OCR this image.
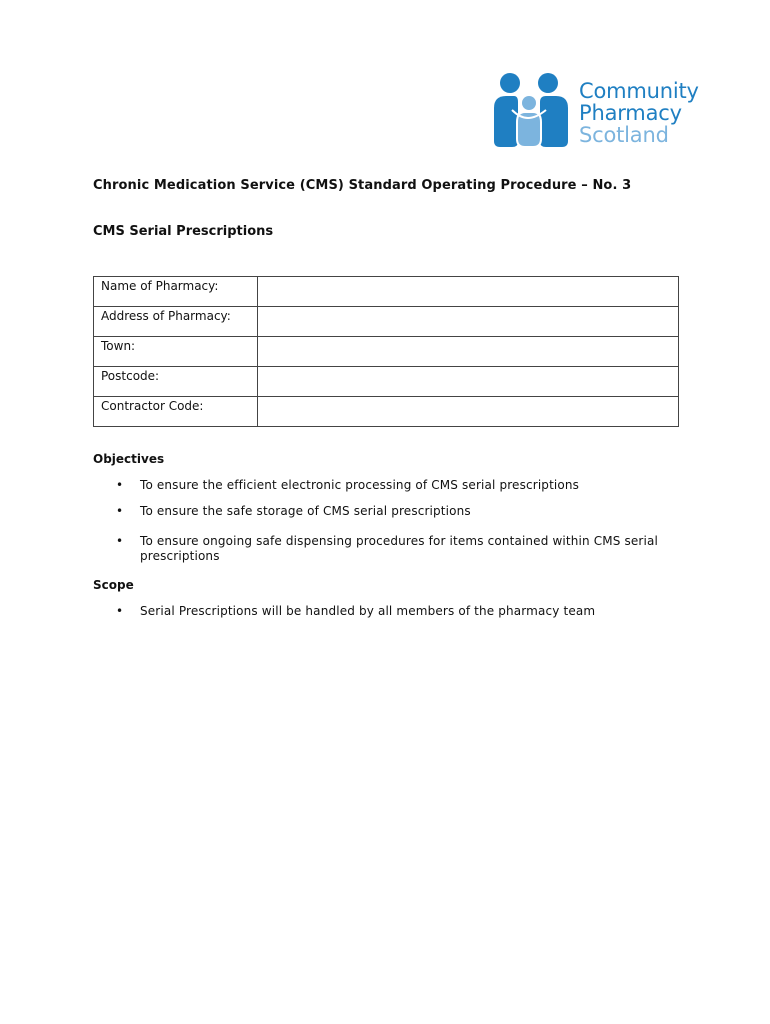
Community
Pharmacy
Scotland
Chronic Medication Service (CMS) Standard Operating Procedure – No. 3
CMS Serial Prescriptions
Name of Pharmacy:	
Address of Pharmacy:	
Town:	
Postcode:	
Contractor Code:	
Objectives
• To ensure the efficient electronic processing of CMS serial prescriptions
• To ensure the safe storage of CMS serial prescriptions
• To ensure ongoing safe dispensing procedures for items contained within CMS serial prescriptions
Scope
• Serial Prescriptions will be handled by all members of the pharmacy team
